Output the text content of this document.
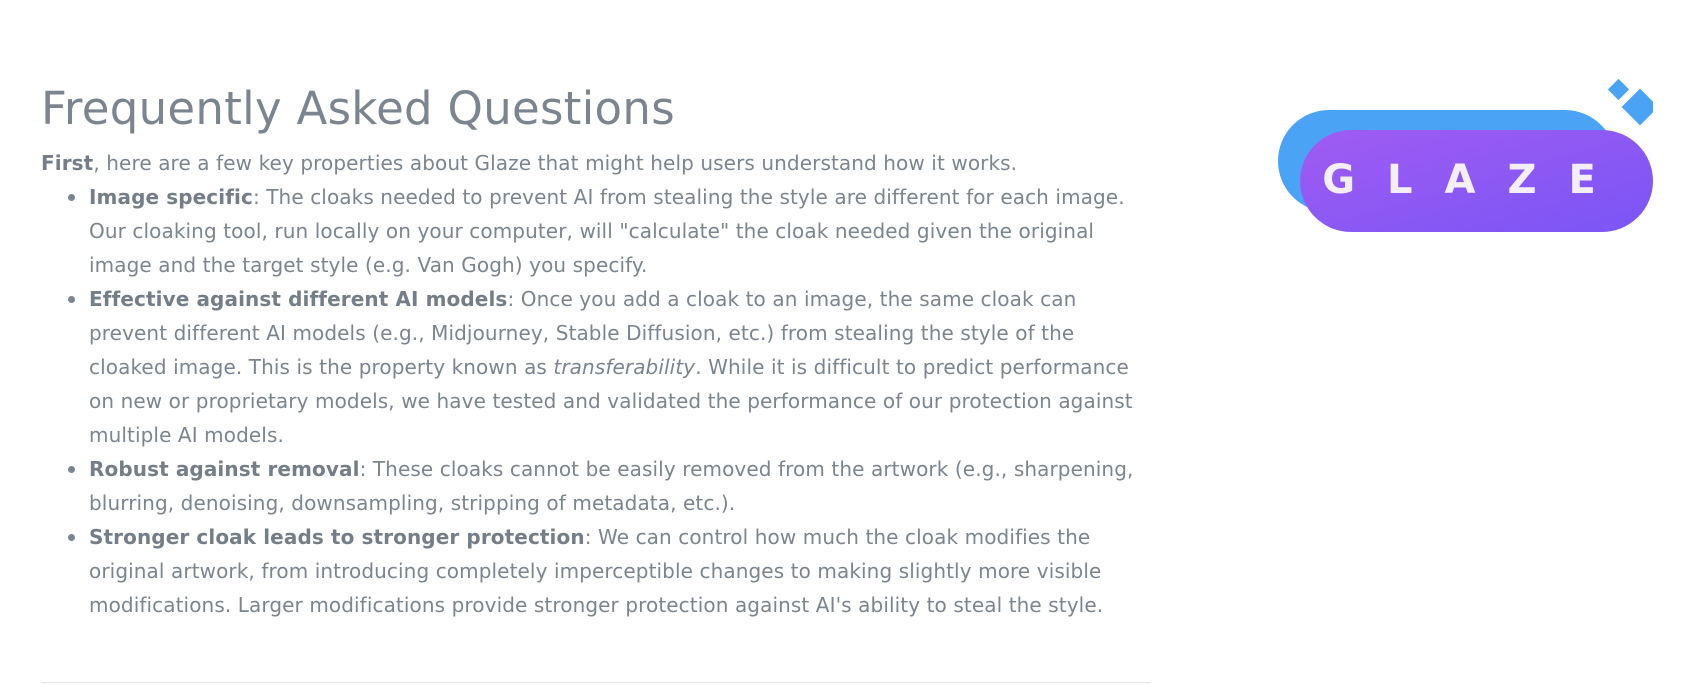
Frequently Asked Questions

First, here are a few key properties about Glaze that might help users understand how it works.

Image specific: The cloaks needed to prevent AI from stealing the style are different for each image. Our cloaking tool, run locally on your computer, will "calculate" the cloak needed given the original image and the target style (e.g. Van Gogh) you specify.
Effective against different AI models: Once you add a cloak to an image, the same cloak can prevent different AI models (e.g., Midjourney, Stable Diffusion, etc.) from stealing the style of the cloaked image. This is the property known as transferability. While it is difficult to predict performance on new or proprietary models, we have tested and validated the performance of our protection against multiple AI models.
Robust against removal: These cloaks cannot be easily removed from the artwork (e.g., sharpening, blurring, denoising, downsampling, stripping of metadata, etc.).
Stronger cloak leads to stronger protection: We can control how much the cloak modifies the original artwork, from introducing completely imperceptible changes to making slightly more visible modifications. Larger modifications provide stronger protection against AI's ability to steal the style.
GLAZE
